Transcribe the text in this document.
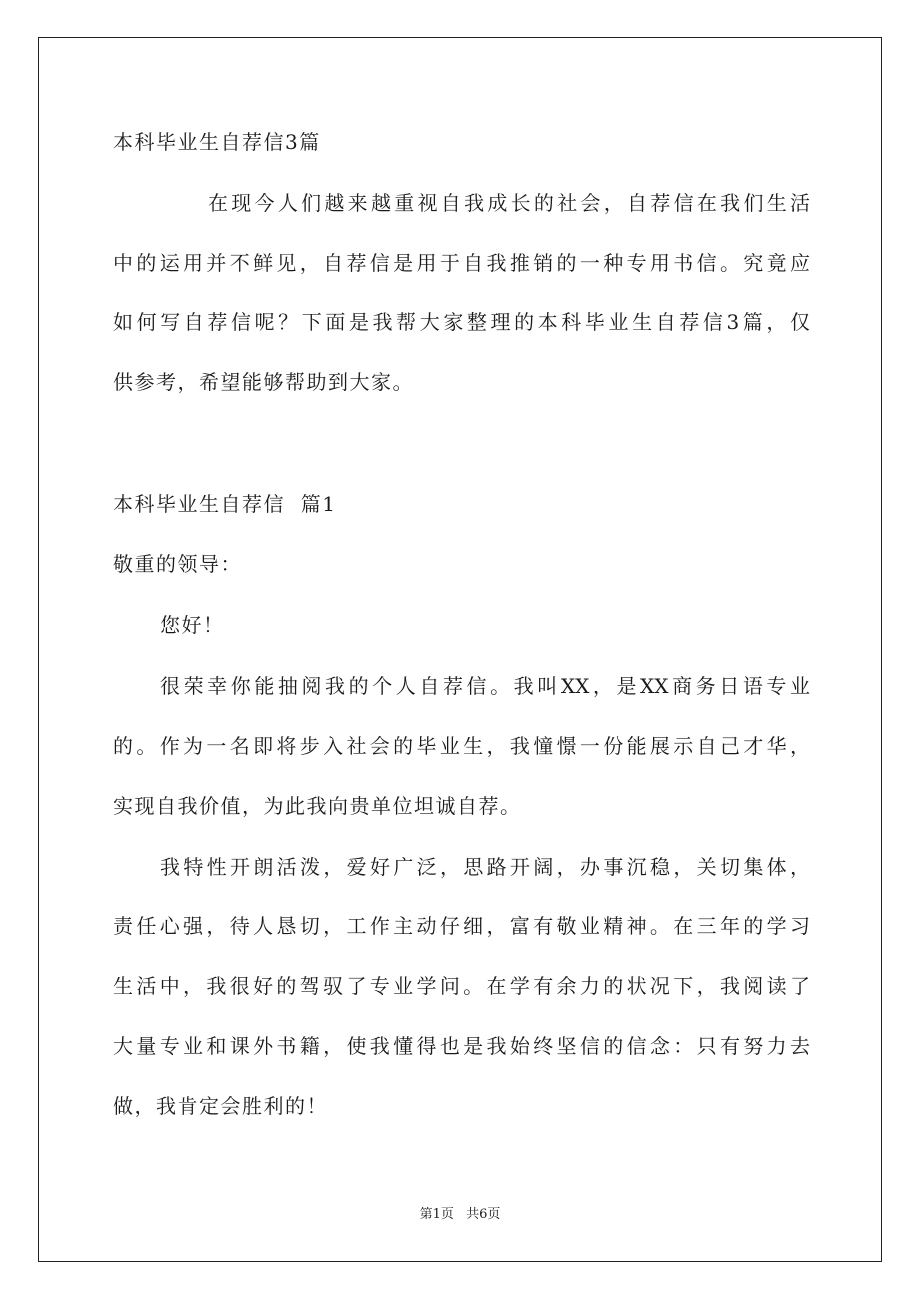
本科毕业生自荐信3篇
在现今人们越来越重视自我成长的社会，自荐信在我们生活
中的运用并不鲜见，自荐信是用于自我推销的一种专用书信。究竟应
如何写自荐信呢？下面是我帮大家整理的本科毕业生自荐信3篇，仅
供参考，希望能够帮助到大家。
本科毕业生自荐信  篇1
敬重的领导：
您好！
很荣幸你能抽阅我的个人自荐信。我叫XX，是XX商务日语专业
的。作为一名即将步入社会的毕业生，我憧憬一份能展示自己才华，
实现自我价值，为此我向贵单位坦诚自荐。
我特性开朗活泼，爱好广泛，思路开阔，办事沉稳，关切集体，
责任心强，待人恳切，工作主动仔细，富有敬业精神。在三年的学习
生活中，我很好的驾驭了专业学问。在学有余力的状况下，我阅读了
大量专业和课外书籍，使我懂得也是我始终坚信的信念：只有努力去
做，我肯定会胜利的！
第1页 共6页
